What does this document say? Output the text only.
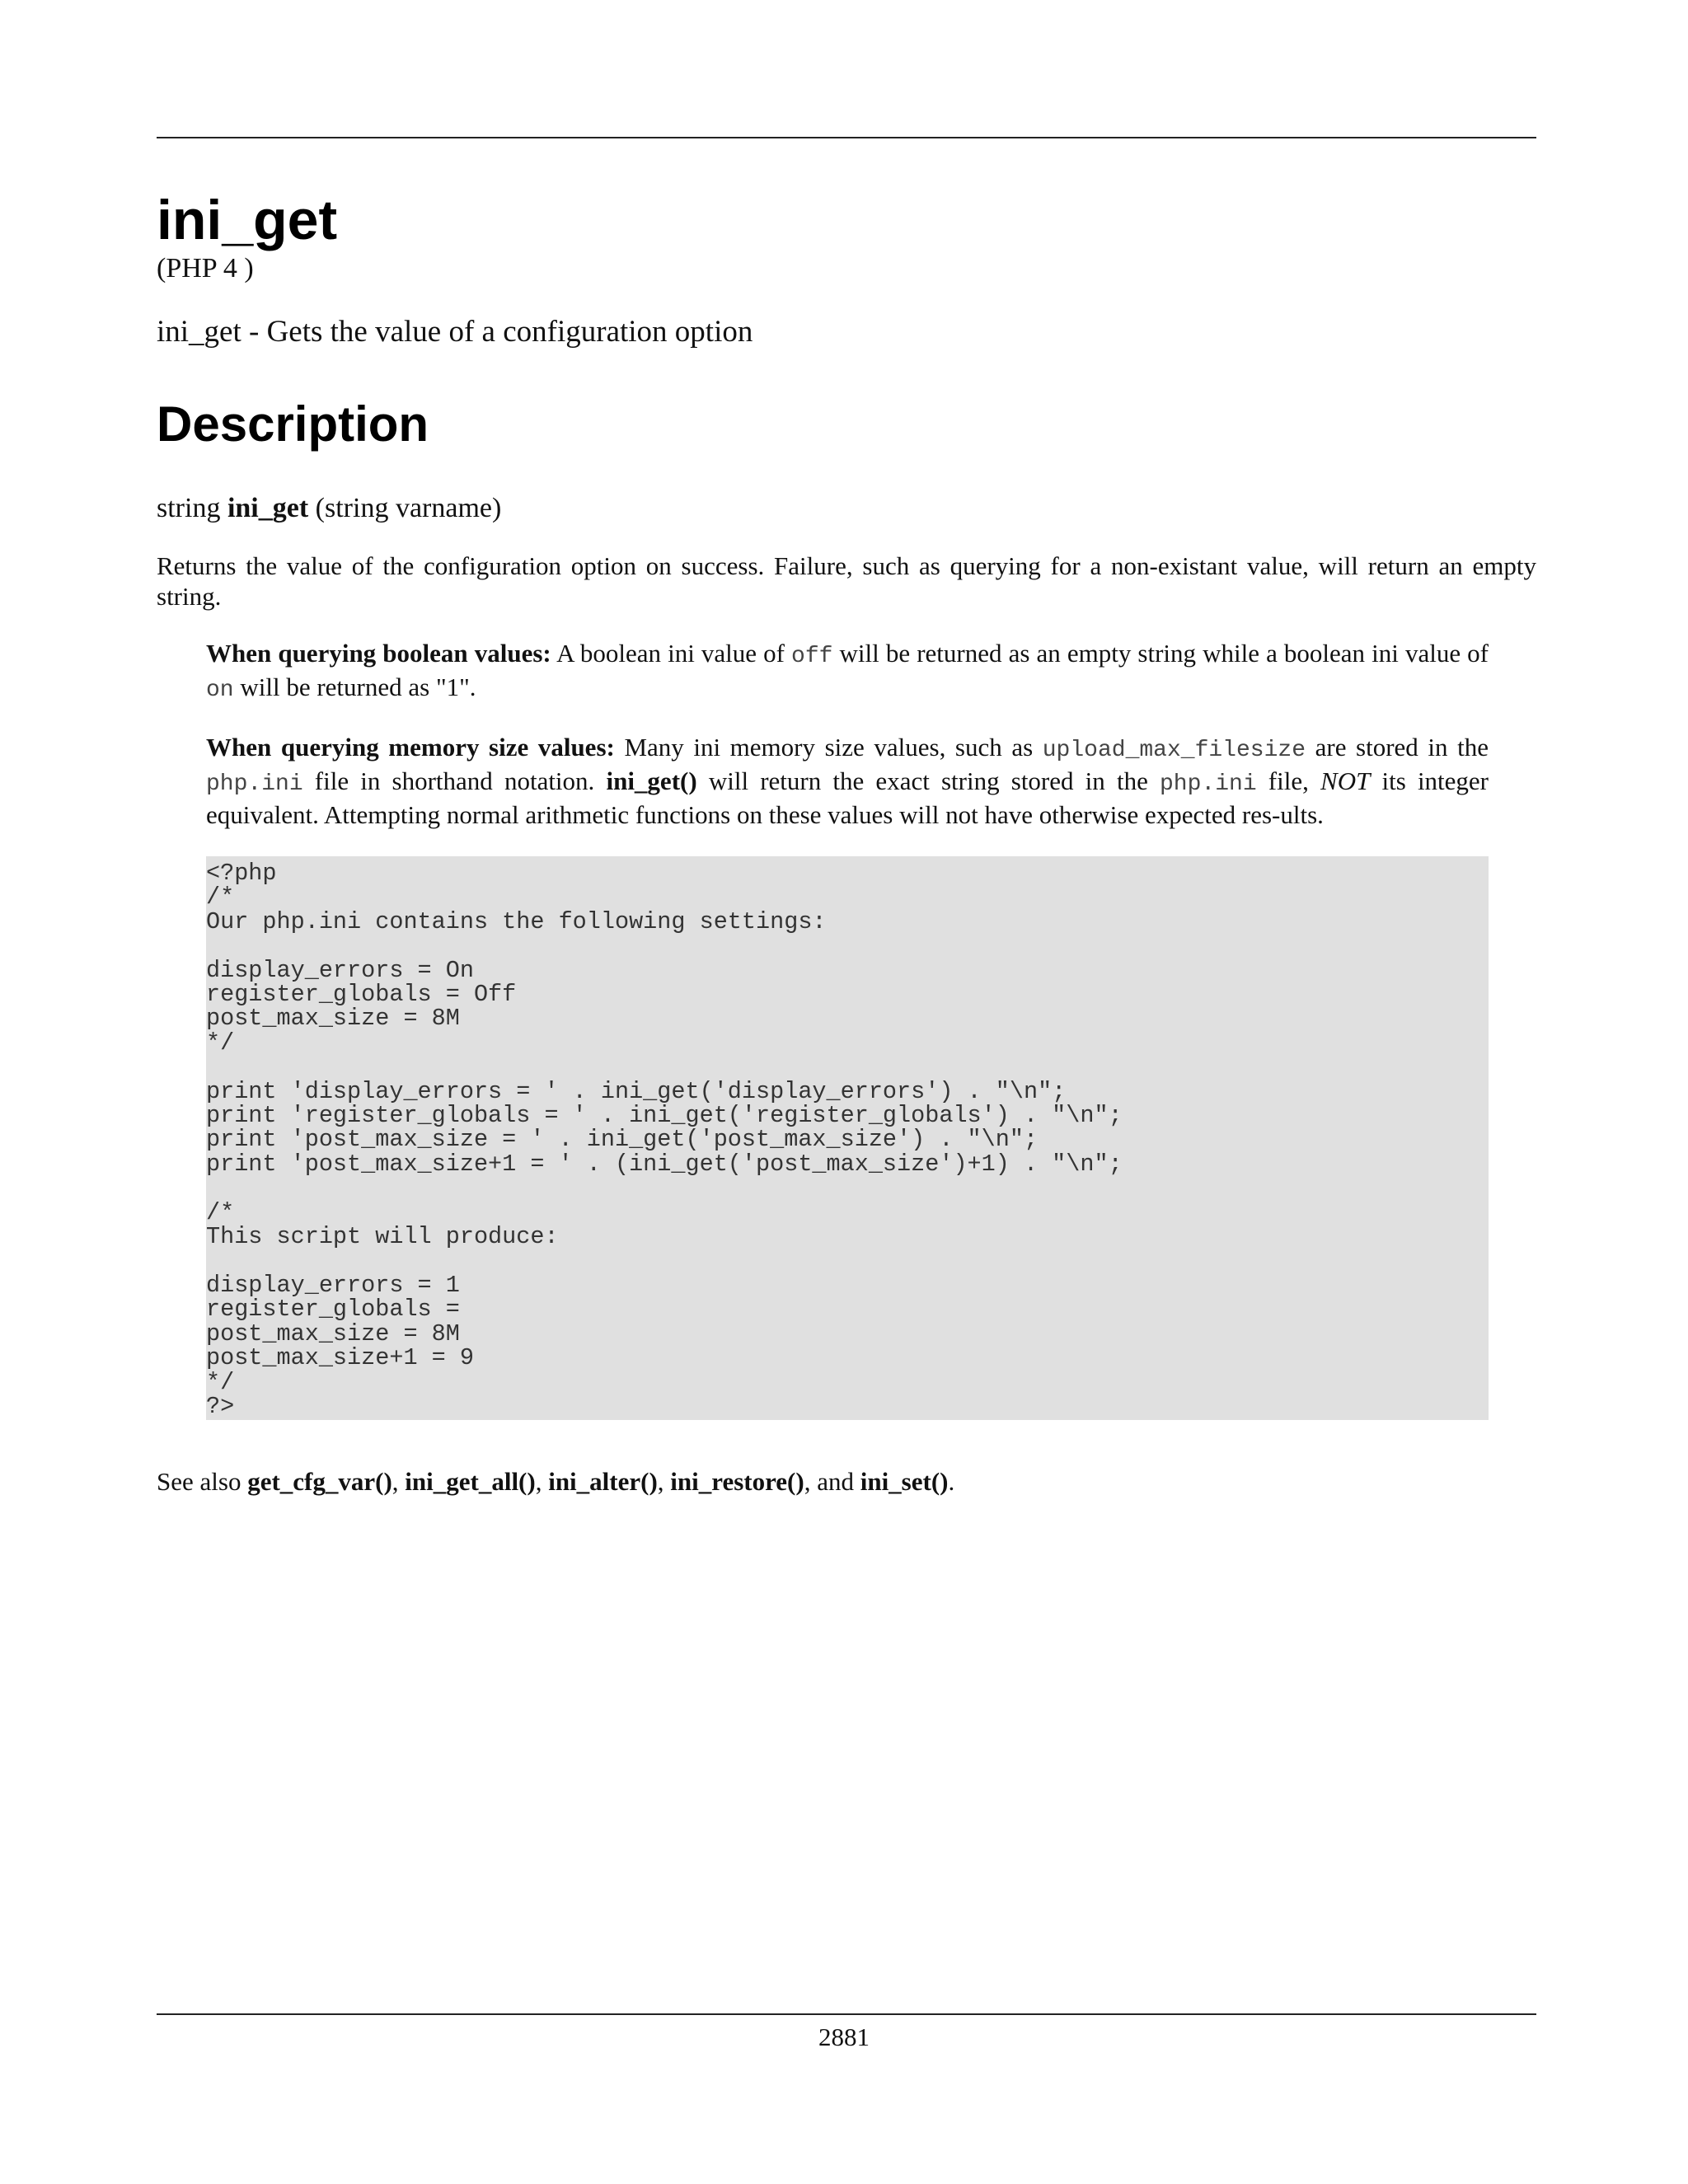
ini_get
(PHP 4 )
ini_get - Gets the value of a configuration option
Description
string ini_get (string varname)

Returns the value of the configuration option on success. Failure, such as querying for a non-existant value, will return an empty string.

When querying boolean values: A boolean ini value of off will be returned as an empty string while a boolean ini value of on will be returned as "1".

When querying memory size values: Many ini memory size values, such as upload_max_filesize are stored in the php.ini file in shorthand notation. ini_get() will return the exact string stored in the php.ini file, NOT its integer equivalent. Attempting normal arithmetic functions on these values will not have otherwise expected res-ults.

<?php
/*
Our php.ini contains the following settings:

display_errors = On
register_globals = Off
post_max_size = 8M
*/

print 'display_errors = ' . ini_get('display_errors') . "\n";
print 'register_globals = ' . ini_get('register_globals') . "\n";
print 'post_max_size = ' . ini_get('post_max_size') . "\n";
print 'post_max_size+1 = ' . (ini_get('post_max_size')+1) . "\n";

/*
This script will produce:

display_errors = 1
register_globals =
post_max_size = 8M
post_max_size+1 = 9
*/
?>
See also get_cfg_var(), ini_get_all(), ini_alter(), ini_restore(), and ini_set().
2881
